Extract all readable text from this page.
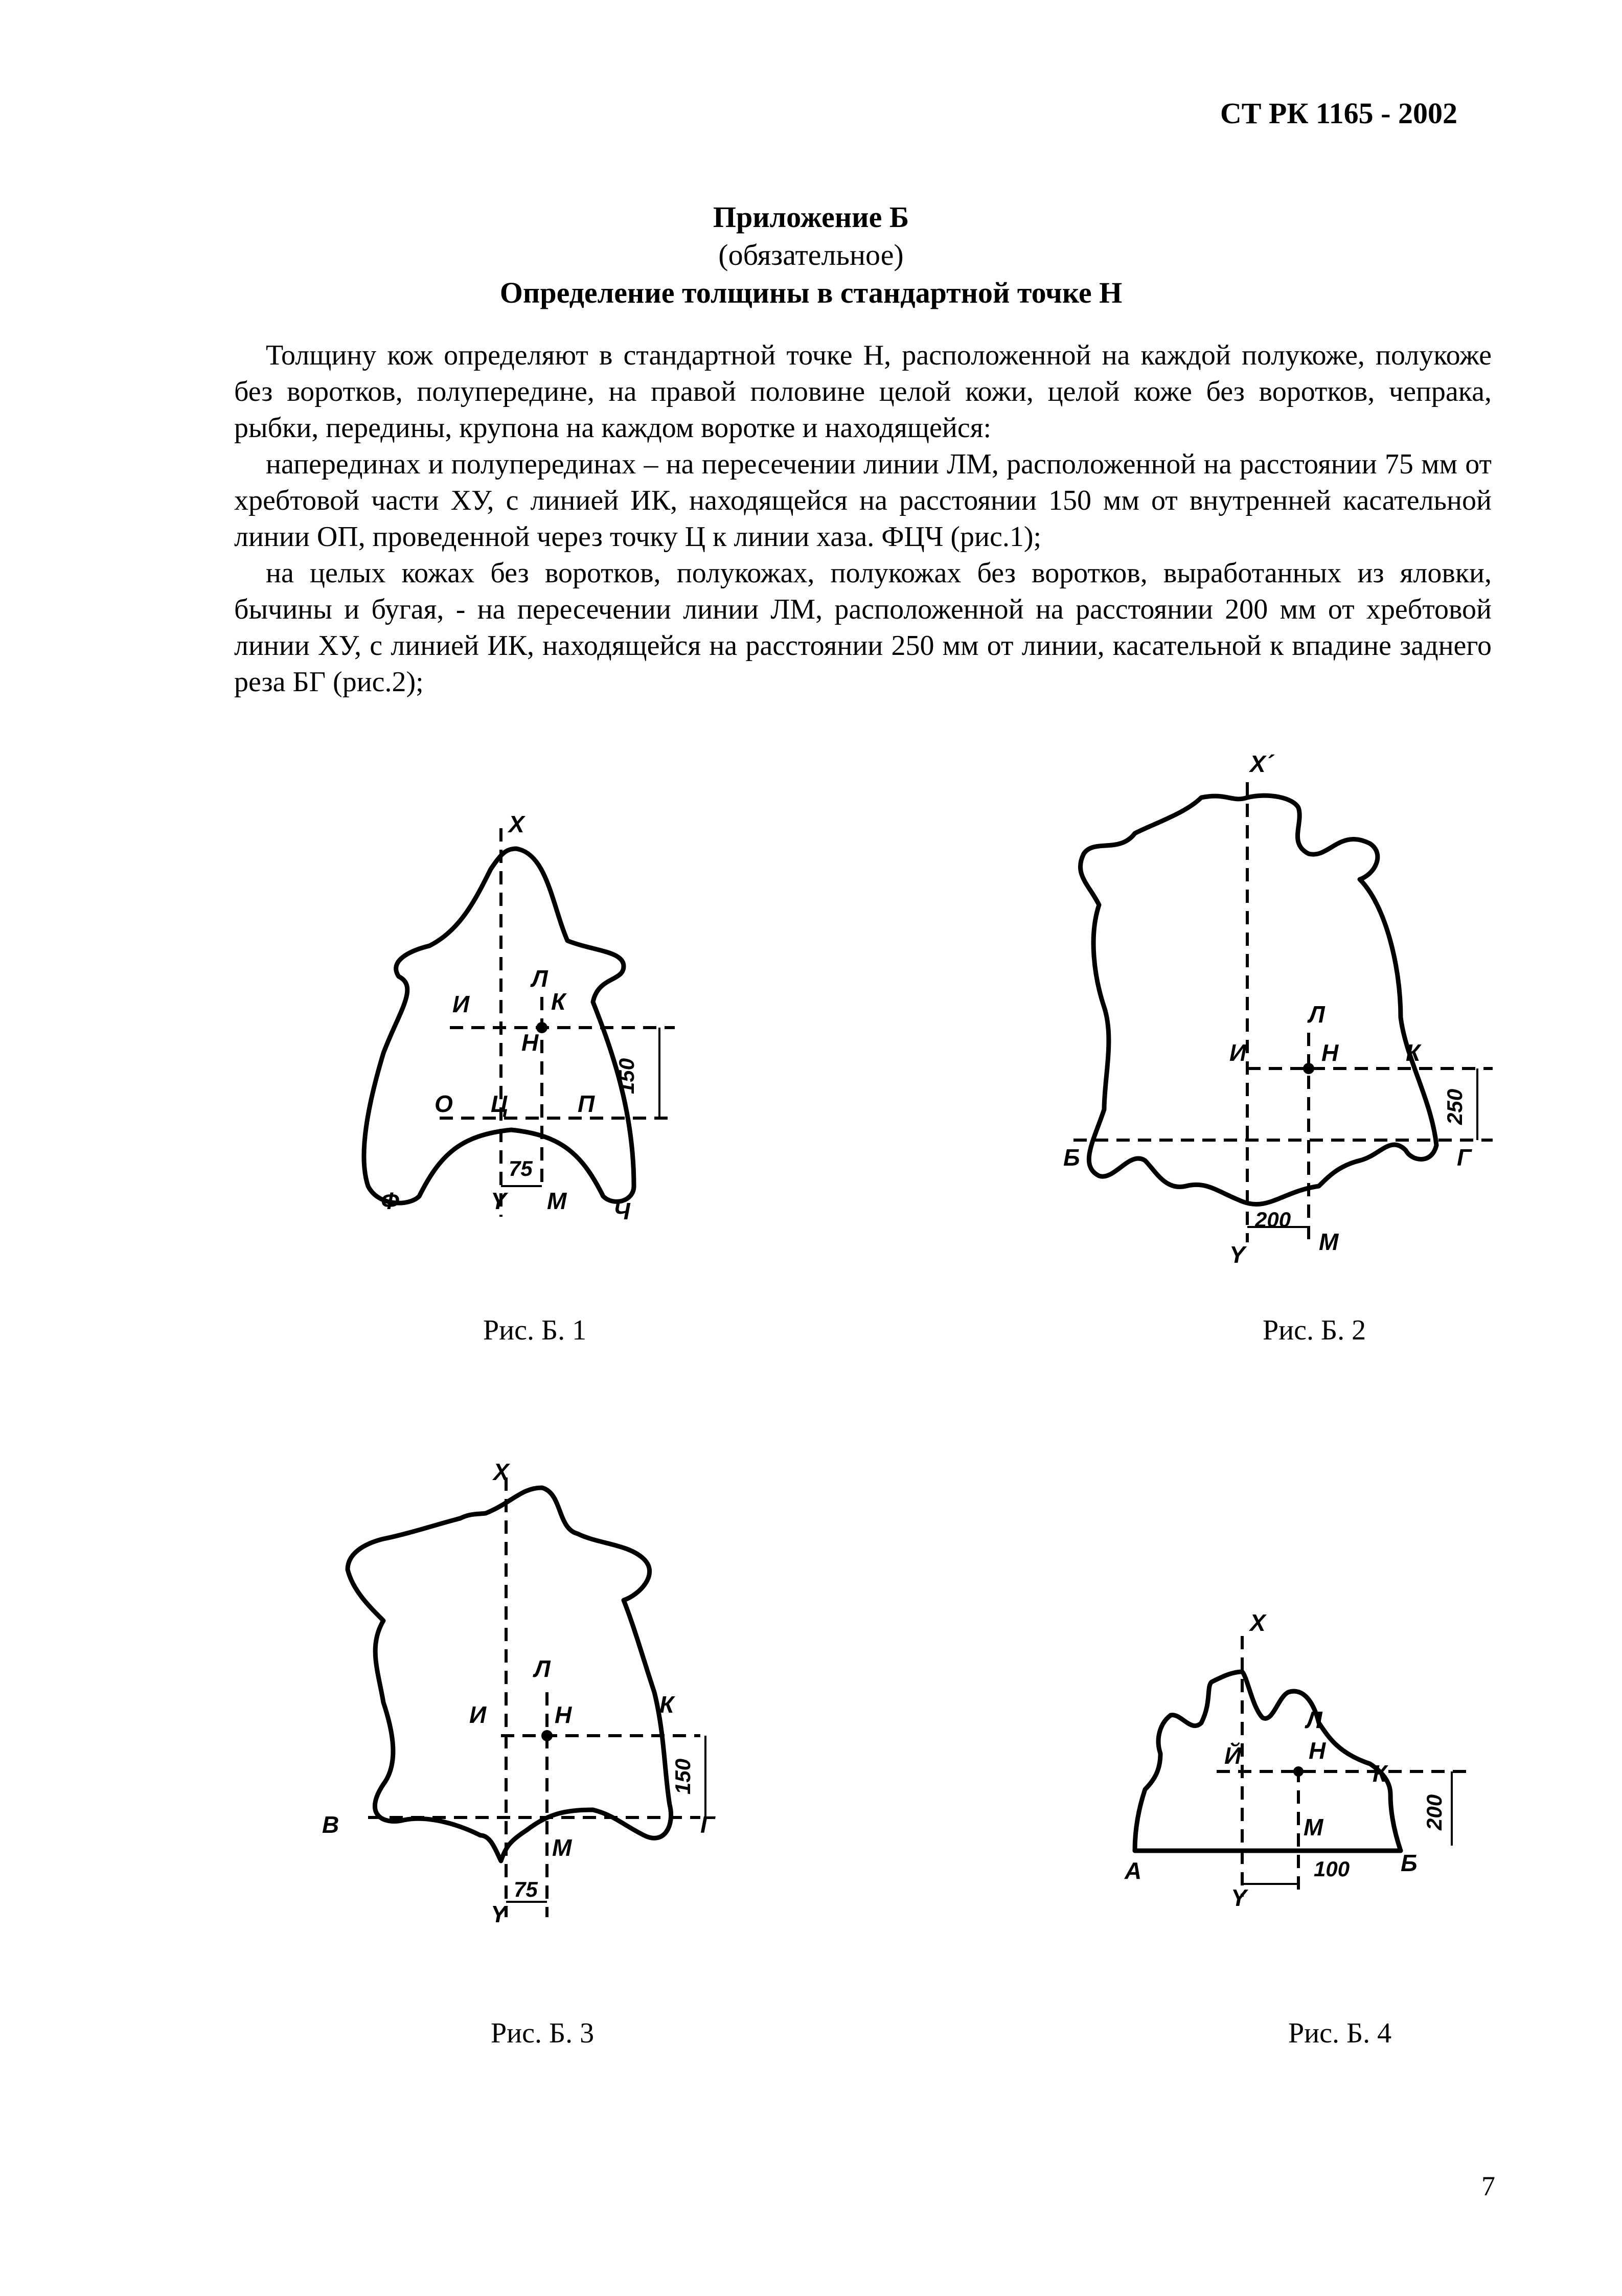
СТ РК 1165 - 2002
Приложение Б
(обязательное)
Определение толщины в стандартной точке Н

Толщину кож определяют в стандартной точке Н, расположенной на каждой полукоже, полукоже без воротков, полупередине, на правой половине целой кожи, целой коже без воротков, чепрака, рыбки, передины, крупона на каждом воротке и находящейся:

наперединах и полуперединах – на пересечении линии ЛМ, расположенной на расстоянии 75 мм от хребтовой части ХУ, с линией ИК, находящейся на расстоянии 150 мм от внутренней касательной линии ОП, проведенной через точку Ц к линии хаза. ФЦЧ (рис.1);

на целых кожах без воротков, полукожах, полукожах без воротков, выработанных из яловки, бычины и бугая, - на пересечении линии ЛМ, расположенной на расстоянии 200 мм от хребтовой линии ХУ, с линией ИК, находящейся на расстоянии 250 мм от линии, касательной к впадине заднего реза БГ (рис.2);

Х
Л
И	К
Н
О Ц	П
150
75
Ф	Y М Ч
Рис. Б. 1
Х´
Л
И	Н	К
250
Б	Г
200
М
Y
Рис. Б. 2
Х
Л
И	Н	К
150
В	Г
М
75
Y
Рис. Б. 3
Х
Л
Й	Н
К
200
М
А	100 Б
Y
Рис. Б. 4
7
